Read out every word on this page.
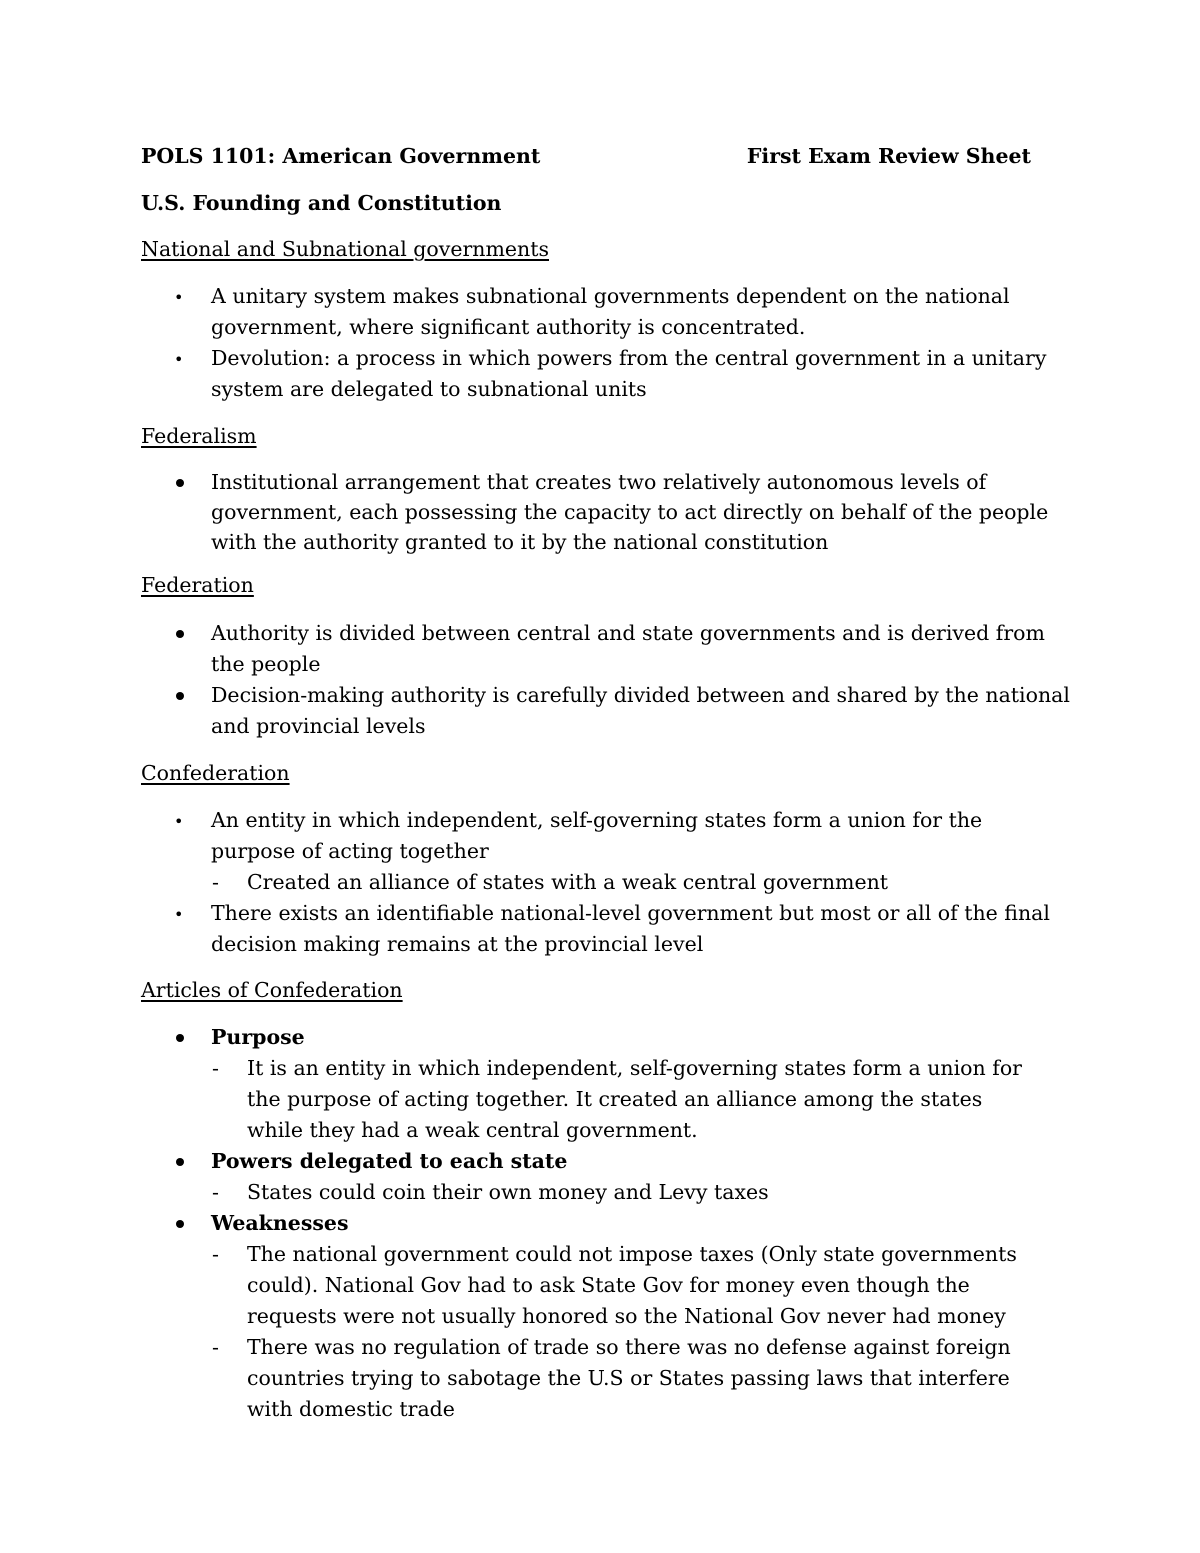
POLS 1101: American Government	First Exam Review Sheet
U.S. Founding and Constitution
National and Subnational governments
•	A unitary system makes subnational governments dependent on the national government, where significant authority is concentrated.
•	Devolution: a process in which powers from the central government in a unitary system are delegated to subnational units
Federalism
Institutional arrangement that creates two relatively autonomous levels of government, each possessing the capacity to act directly on behalf of the people with the authority granted to it by the national constitution
Federation
Authority is divided between central and state governments and is derived from the people
Decision-making authority is carefully divided between and shared by the national and provincial levels
Confederation
•	An entity in which independent, self-governing states form a union for the purpose of acting together
- Created an alliance of states with a weak central government
•	There exists an identifiable national-level government but most or all of the final decision making remains at the provincial level
Articles of Confederation
Purpose
- It is an entity in which independent, self-governing states form a union for the purpose of acting together. It created an alliance among the states while they had a weak central government.
Powers delegated to each state
- States could coin their own money and Levy taxes
Weaknesses
- The national government could not impose taxes (Only state governments could). National Gov had to ask State Gov for money even though the requests were not usually honored so the National Gov never had money
- There was no regulation of trade so there was no defense against foreign countries trying to sabotage the U.S or States passing laws that interfere with domestic trade
